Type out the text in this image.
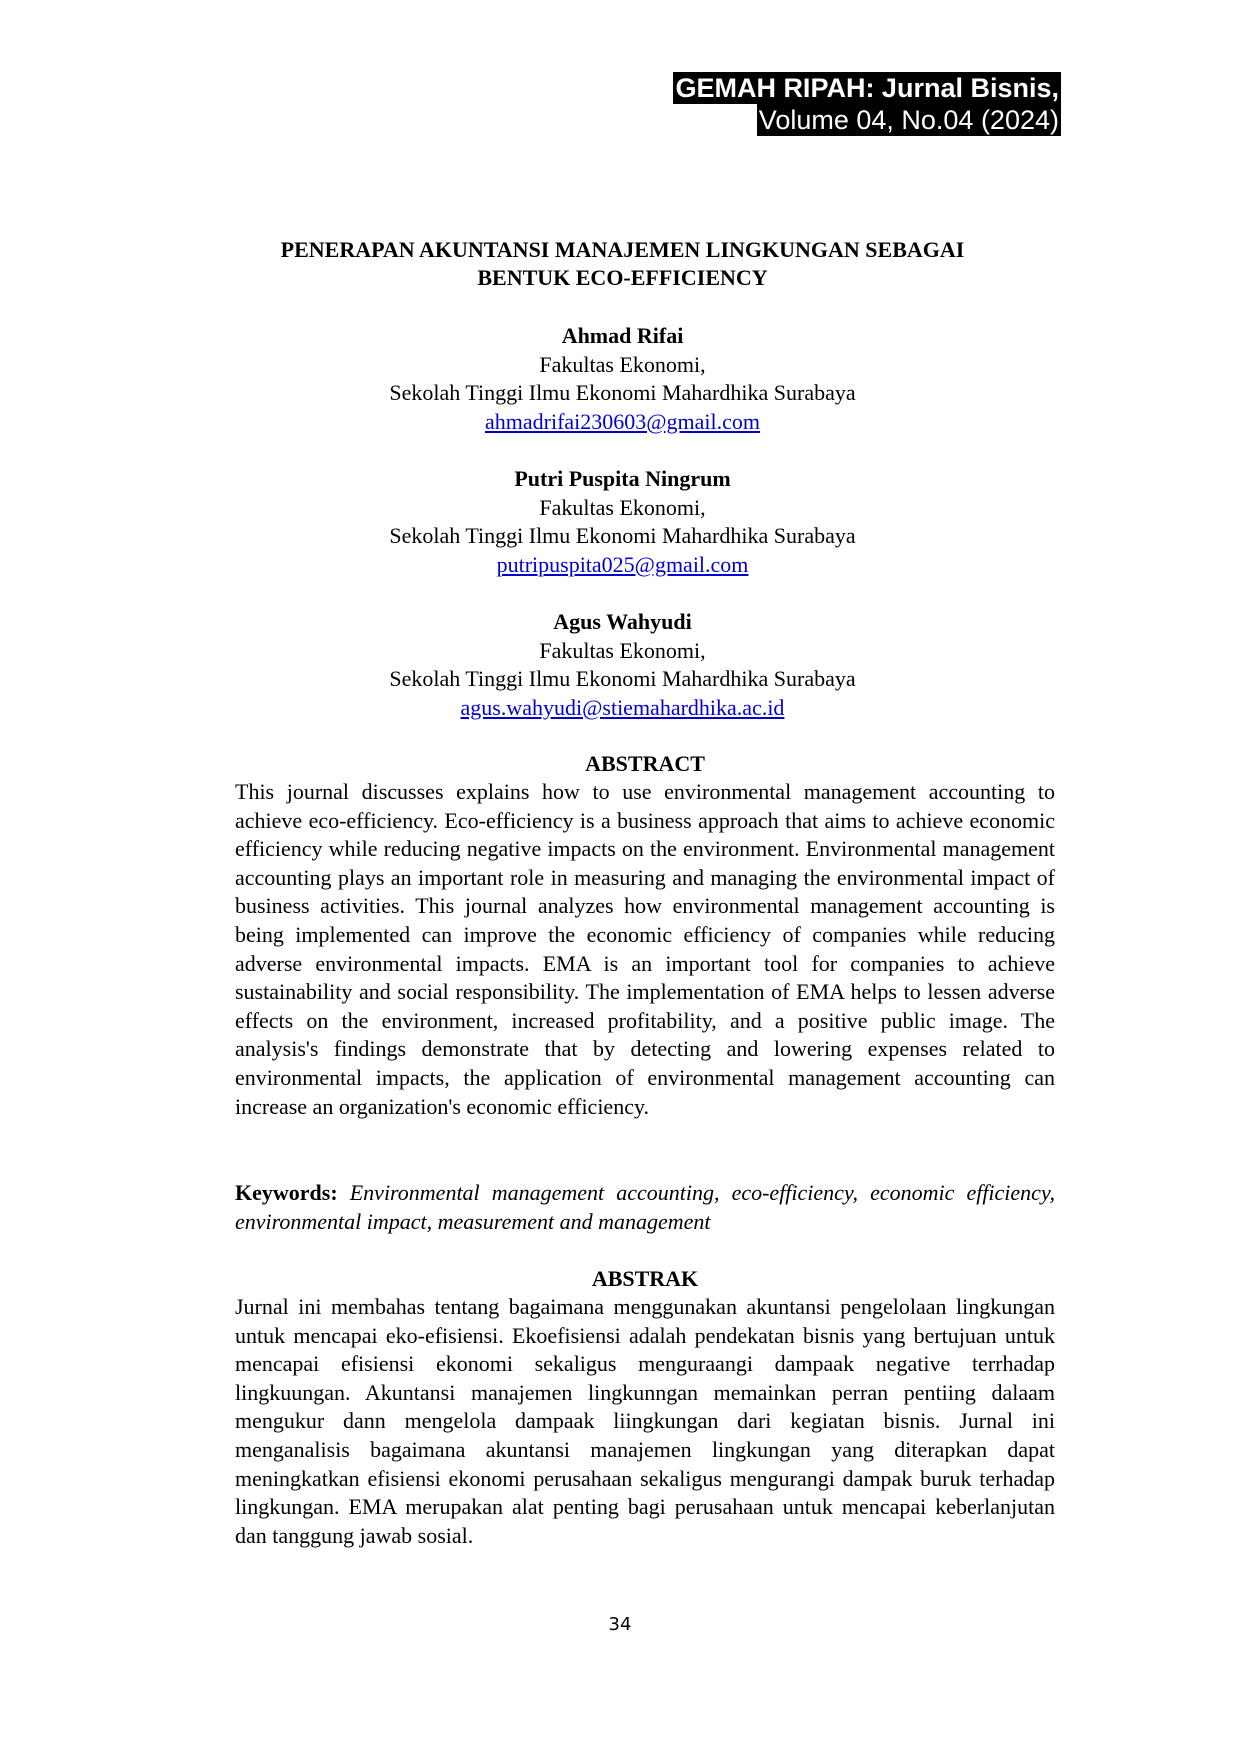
GEMAH RIPAH: Jurnal Bisnis,
Volume 04, No.04 (2024)
PENERAPAN AKUNTANSI MANAJEMEN LINGKUNGAN SEBAGAI
BENTUK ECO-EFFICIENCY
Ahmad Rifai
Fakultas Ekonomi,
Sekolah Tinggi Ilmu Ekonomi Mahardhika Surabaya
ahmadrifai230603@gmail.com
Putri Puspita Ningrum
Fakultas Ekonomi,
Sekolah Tinggi Ilmu Ekonomi Mahardhika Surabaya
putripuspita025@gmail.com
Agus Wahyudi
Fakultas Ekonomi,
Sekolah Tinggi Ilmu Ekonomi Mahardhika Surabaya
agus.wahyudi@stiemahardhika.ac.id
ABSTRACT

This journal discusses explains how to use environmental management accounting to achieve eco-efficiency. Eco-efficiency is a business approach that aims to achieve economic efficiency while reducing negative impacts on the environment. Environmental management accounting plays an important role in measuring and managing the environmental impact of business activities. This journal analyzes how environmental management accounting is being implemented can improve the economic efficiency of companies while reducing adverse environmental impacts. EMA is an important tool for companies to achieve sustainability and social responsibility. The implementation of EMA helps to lessen adverse effects on the environment, increased profitability, and a positive public image. The analysis's findings demonstrate that by detecting and lowering expenses related to environmental impacts, the application of environmental management accounting can increase an organization's economic efficiency.

Keywords: Environmental management accounting, eco-efficiency, economic efficiency, environmental impact, measurement and management

ABSTRAK

Jurnal ini membahas tentang bagaimana menggunakan akuntansi pengelolaan lingkungan untuk mencapai eko-efisiensi. Ekoefisiensi adalah pendekatan bisnis yang bertujuan untuk mencapai efisiensi ekonomi sekaligus menguraangi dampaak negative terrhadap lingkuungan. Akuntansi manajemen lingkunngan memainkan perran pentiing dalaam mengukur dann mengelola dampaak liingkungan dari kegiatan bisnis. Jurnal ini menganalisis bagaimana akuntansi manajemen lingkungan yang diterapkan dapat meningkatkan efisiensi ekonomi perusahaan sekaligus mengurangi dampak buruk terhadap lingkungan. EMA merupakan alat penting bagi perusahaan untuk mencapai keberlanjutan dan tanggung jawab sosial.

34
